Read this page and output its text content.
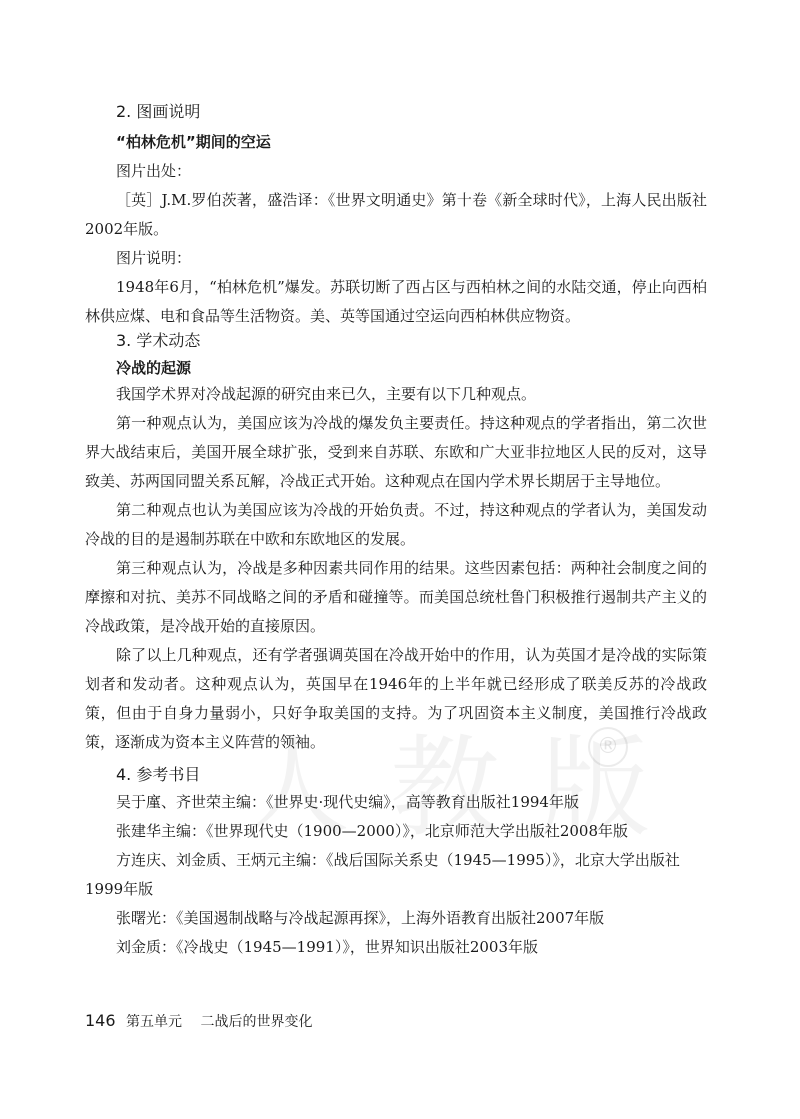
®
2. 图画说明
“柏林危机”期间的空运

图片出处：

［英］J.M.罗伯茨著，盛浩译：《世界文明通史》第十卷《新全球时代》，上海人民出版社2002年版。

图片说明：

1948年6月，“柏林危机”爆发。苏联切断了西占区与西柏林之间的水陆交通，停止向西柏林供应煤、电和食品等生活物资。美、英等国通过空运向西柏林供应物资。

3. 学术动态
冷战的起源

我国学术界对冷战起源的研究由来已久，主要有以下几种观点。

第一种观点认为，美国应该为冷战的爆发负主要责任。持这种观点的学者指出，第二次世界大战结束后，美国开展全球扩张，受到来自苏联、东欧和广大亚非拉地区人民的反对，这导致美、苏两国同盟关系瓦解，冷战正式开始。这种观点在国内学术界长期居于主导地位。

第二种观点也认为美国应该为冷战的开始负责。不过，持这种观点的学者认为，美国发动冷战的目的是遏制苏联在中欧和东欧地区的发展。

第三种观点认为，冷战是多种因素共同作用的结果。这些因素包括：两种社会制度之间的摩擦和对抗、美苏不同战略之间的矛盾和碰撞等。而美国总统杜鲁门积极推行遏制共产主义的冷战政策，是冷战开始的直接原因。

除了以上几种观点，还有学者强调英国在冷战开始中的作用，认为英国才是冷战的实际策划者和发动者。这种观点认为，英国早在1946年的上半年就已经形成了联美反苏的冷战政策，但由于自身力量弱小，只好争取美国的支持。为了巩固资本主义制度，美国推行冷战政策，逐渐成为资本主义阵营的领袖。

4. 参考书目

吴于廑、齐世荣主编：《世界史·现代史编》，高等教育出版社1994年版

张建华主编：《世界现代史（1900—2000）》，北京师范大学出版社2008年版

方连庆、刘金质、王炳元主编：《战后国际关系史（1945—1995）》，北京大学出版社1999年版

张曙光：《美国遏制战略与冷战起源再探》，上海外语教育出版社2007年版

刘金质：《冷战史（1945—1991）》，世界知识出版社2003年版

146 第五单元 二战后的世界变化
